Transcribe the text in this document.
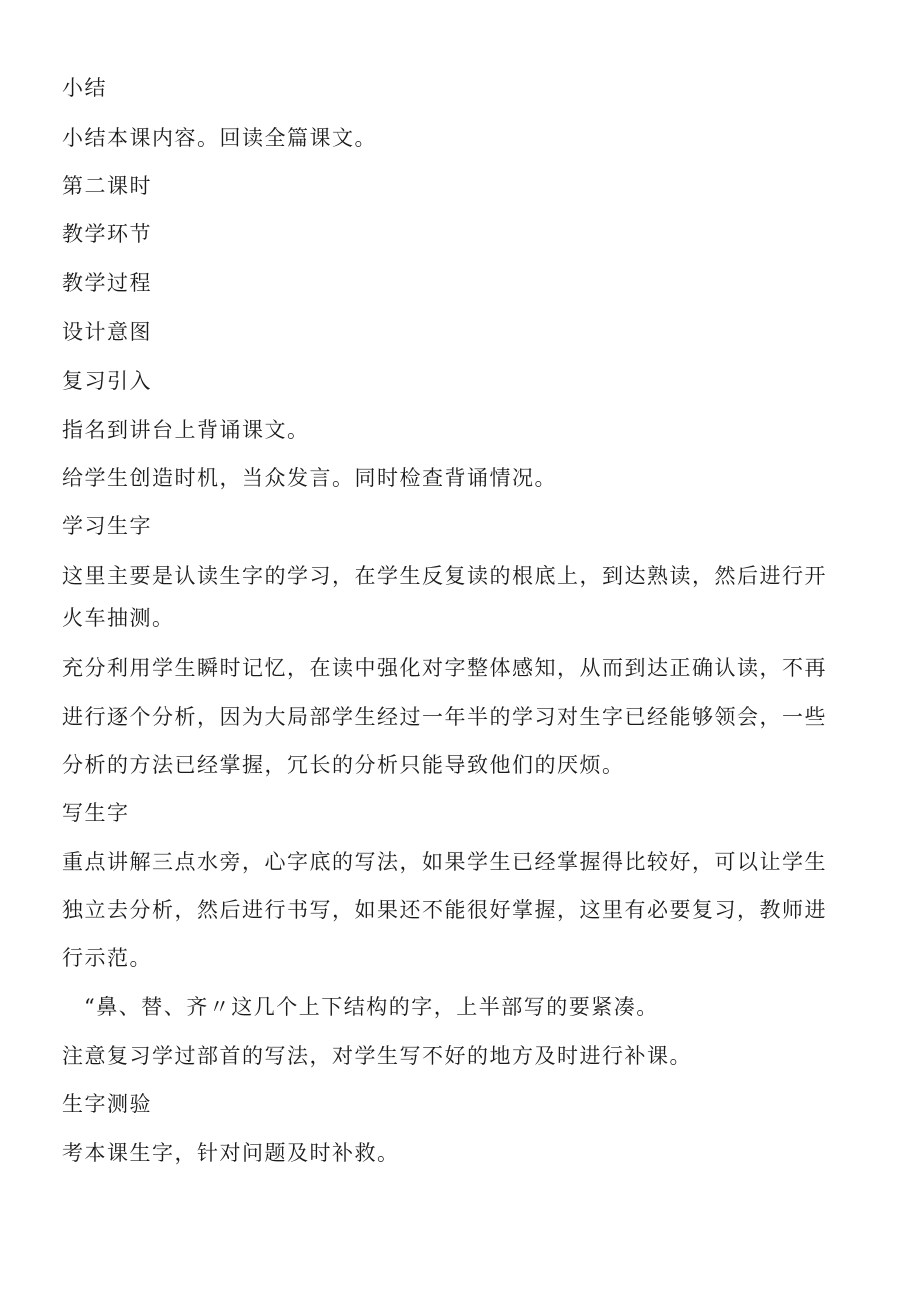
小结
小结本课内容。回读全篇课文。
第二课时
教学环节
教学过程
设计意图
复习引入
指名到讲台上背诵课文。
给学生创造时机，当众发言。同时检查背诵情况。
学习生字
这里主要是认读生字的学习，在学生反复读的根底上，到达熟读，然后进行开
火车抽测。
充分利用学生瞬时记忆，在读中强化对字整体感知，从而到达正确认读，不再
进行逐个分析，因为大局部学生经过一年半的学习对生字已经能够领会，一些
分析的方法已经掌握，冗长的分析只能导致他们的厌烦。
写生字
重点讲解三点水旁，心字底的写法，如果学生已经掌握得比较好，可以让学生
独立去分析，然后进行书写，如果还不能很好掌握，这里有必要复习，教师进
行示范。
“鼻、替、齐〃这几个上下结构的字，上半部写的要紧凑。
注意复习学过部首的写法，对学生写不好的地方及时进行补课。
生字测验
考本课生字，针对问题及时补救。
